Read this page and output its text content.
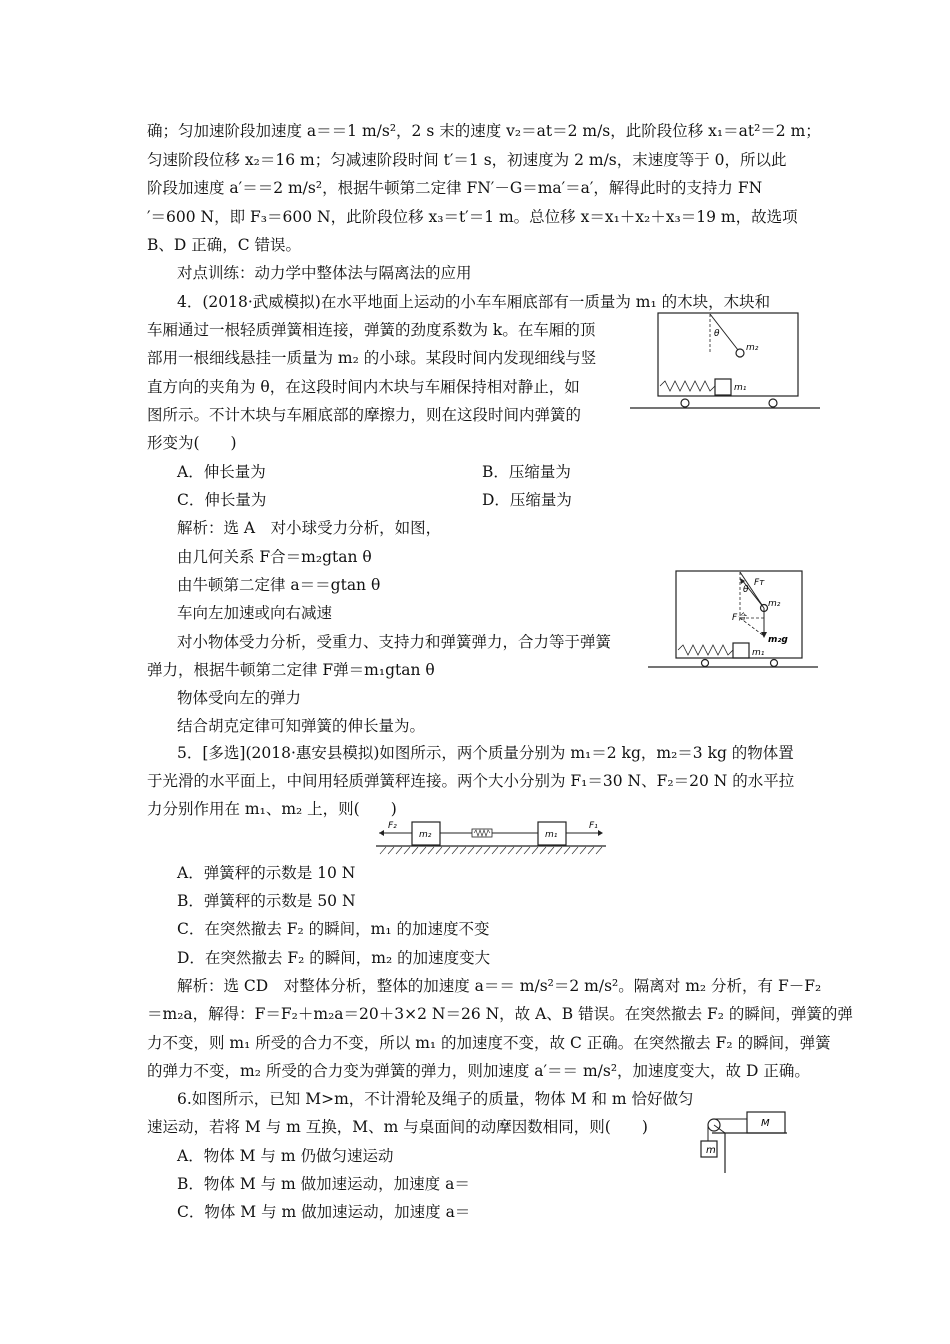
确；匀加速阶段加速度 a＝＝1 m/s²，2 s 末的速度 v₂＝at＝2 m/s，此阶段位移 x₁＝at²＝2 m；
匀速阶段位移 x₂＝16 m；匀减速阶段时间 t′＝1 s，初速度为 2 m/s，末速度等于 0，所以此
阶段加速度 a′＝＝2 m/s²，根据牛顿第二定律 FN′－G＝ma′＝a′，解得此时的支持力 FN
′＝600 N，即 F₃＝600 N，此阶段位移 x₃＝t′＝1 m。总位移 x＝x₁＋x₂＋x₃＝19 m，故选项
B、D 正确，C 错误。
对点训练：动力学中整体法与隔离法的应用
4．(2018·武威模拟)在水平地面上运动的小车车厢底部有一质量为 m₁ 的木块，木块和
车厢通过一根轻质弹簧相连接，弹簧的劲度系数为 k。在车厢的顶
部用一根细线悬挂一质量为 m₂ 的小球。某段时间内发现细线与竖
直方向的夹角为 θ，在这段时间内木块与车厢保持相对静止，如
图所示。不计木块与车厢底部的摩擦力，则在这段时间内弹簧的
形变为(　　)
θ
m₂
m₁
A．伸长量为	B．压缩量为
C．伸长量为	D．压缩量为
解析：选 A　对小球受力分析，如图，
由几何关系 F合＝m₂gtan θ
由牛顿第二定律 a＝＝gtan θ
车向左加速或向右减速
对小物体受力分析，受重力、支持力和弹簧弹力，合力等于弹簧
弹力，根据牛顿第二定律 F弹＝m₁gtan θ
物体受向左的弹力
结合胡克定律可知弹簧的伸长量为。
θ
Fᴛ
m₂
F合
m₂g
m₁
5．[多选](2018·惠安县模拟)如图所示，两个质量分别为 m₁＝2 kg，m₂＝3 kg 的物体置
于光滑的水平面上，中间用轻质弹簧秤连接。两个大小分别为 F₁＝30 N、F₂＝20 N 的水平拉
力分别作用在 m₁、m₂ 上，则(　　)
F₂
m₂	m₁
F₁
A．弹簧秤的示数是 10 N
B．弹簧秤的示数是 50 N
C．在突然撤去 F₂ 的瞬间，m₁ 的加速度不变
D．在突然撤去 F₂ 的瞬间，m₂ 的加速度变大
解析：选 CD　对整体分析，整体的加速度 a＝＝ m/s²＝2 m/s²。隔离对 m₂ 分析，有 F－F₂
＝m₂a，解得：F＝F₂＋m₂a＝20＋3×2 N＝26 N，故 A、B 错误。在突然撤去 F₂ 的瞬间，弹簧的弹
力不变，则 m₁ 所受的合力不变，所以 m₁ 的加速度不变，故 C 正确。在突然撤去 F₂ 的瞬间，弹簧
的弹力不变，m₂ 所受的合力变为弹簧的弹力，则加速度 a′＝＝ m/s²，加速度变大，故 D 正确。
6.如图所示，已知 M>m，不计滑轮及绳子的质量，物体 M 和 m 恰好做匀
速运动，若将 M 与 m 互换，M、m 与桌面间的动摩因数相同，则(　　)
A．物体 M 与 m 仍做匀速运动
B．物体 M 与 m 做加速运动，加速度 a＝
C．物体 M 与 m 做加速运动，加速度 a＝
M
m
